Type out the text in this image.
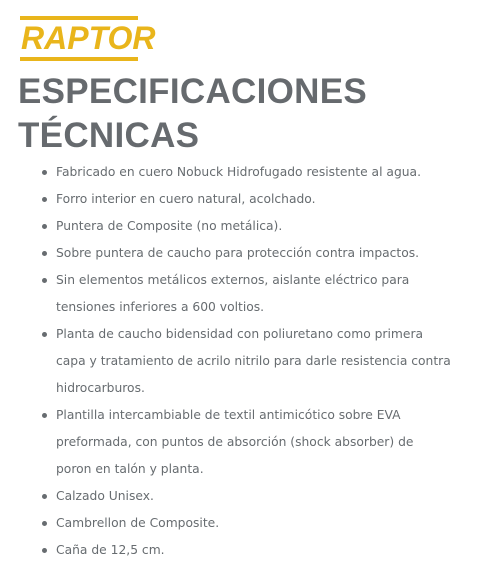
RAPTOR
ESPECIFICACIONES
TÉCNICAS
Fabricado en cuero Nobuck Hidrofugado resistente al agua.
Forro interior en cuero natural, acolchado.
Puntera de Composite (no metálica).
Sobre puntera de caucho para protección contra impactos.
Sin elementos metálicos externos, aislante eléctrico para
tensiones inferiores a 600 voltios.
Planta de caucho bidensidad con poliuretano como primera
capa y tratamiento de acrilo nitrilo para darle resistencia contra
hidrocarburos.
Plantilla intercambiable de textil antimicótico sobre EVA
preformada, con puntos de absorción (shock absorber) de
poron en talón y planta.
Calzado Unisex.
Cambrellon de Composite.
Caña de 12,5 cm.
